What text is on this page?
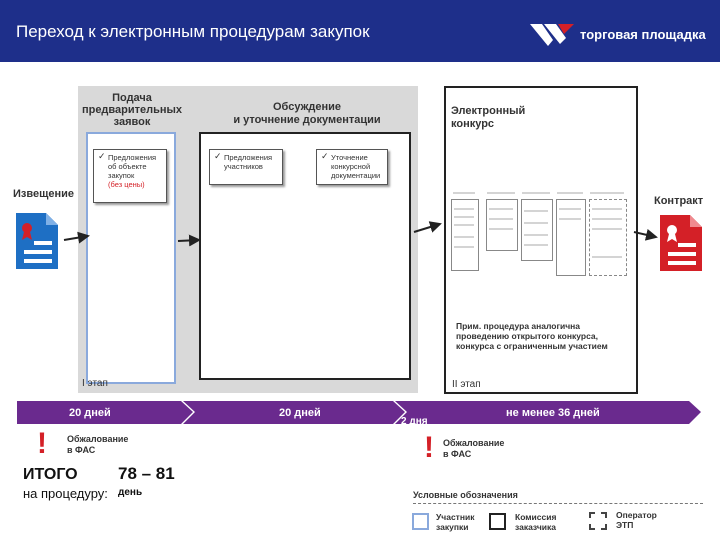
Переход к электронным процедурам закупок	торговая площадка
Подача
предварительных
заявок
Обсуждение
и уточнение документации
✓ Предложения
об объекте
закупок
(без цены)
✓ Предложения
участников
✓ Уточнение
конкурсной
документации
I этап
Электронный
конкурс
Прим. процедура аналогична
проведению открытого конкурса,
конкурса с ограниченным участием
II этап
Извещение
Контракт
20 дней	20 дней
2 дня
не менее 36 дней
! Обжалование
в ФАС	! Обжалование
в ФАС
ИТОГО
на процедуру:
78 – 81
день	Условные обозначения
Участник
закупки
Комиссия
заказчика
Оператор
ЭТП
